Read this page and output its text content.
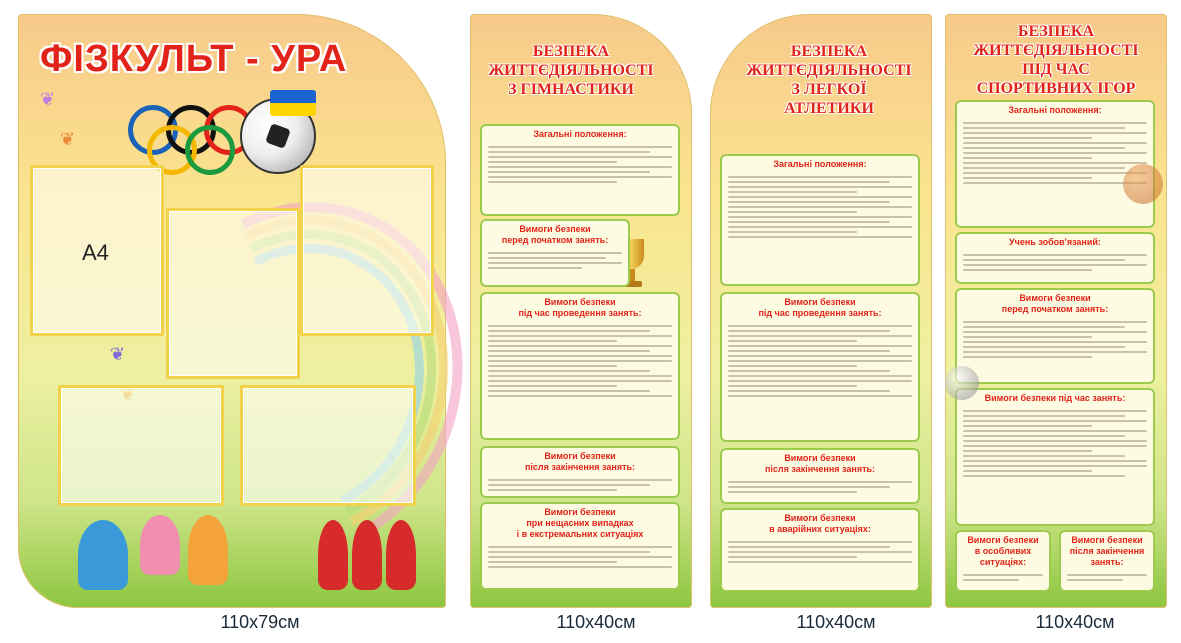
ФІЗКУЛЬТ - УРА
❦
❦
❦
А4
110х79см
БЕЗПЕКА
ЖИТТЄДІЯЛЬНОСТІ
З ГІМНАСТИКИ
Загальні положення:
Вимоги безпеки
перед початком занять:
Вимоги безпеки
під час проведення занять:
Вимоги безпеки
після закінчення занять:
Вимоги безпеки
при нещасних випадках
і в екстремальних ситуаціях
110х40см
БЕЗПЕКА
ЖИТТЄДІЯЛЬНОСТІ
З ЛЕГКОЇ
АТЛЕТИКИ
Загальні положення:
Вимоги безпеки
під час проведення занять:
Вимоги безпеки
після закінчення занять:
Вимоги безпеки
в аварійних ситуаціях:
110х40см
БЕЗПЕКА
ЖИТТЄДІЯЛЬНОСТІ
ПІД ЧАС
СПОРТИВНИХ ІГОР
Загальні положення:
Учень зобов'язаний:
Вимоги безпеки
перед початком занять:
Вимоги безпеки під час занять:
Вимоги безпеки
в особливих
ситуаціях:
Вимоги безпеки
після закінчення
занять:
110х40см
